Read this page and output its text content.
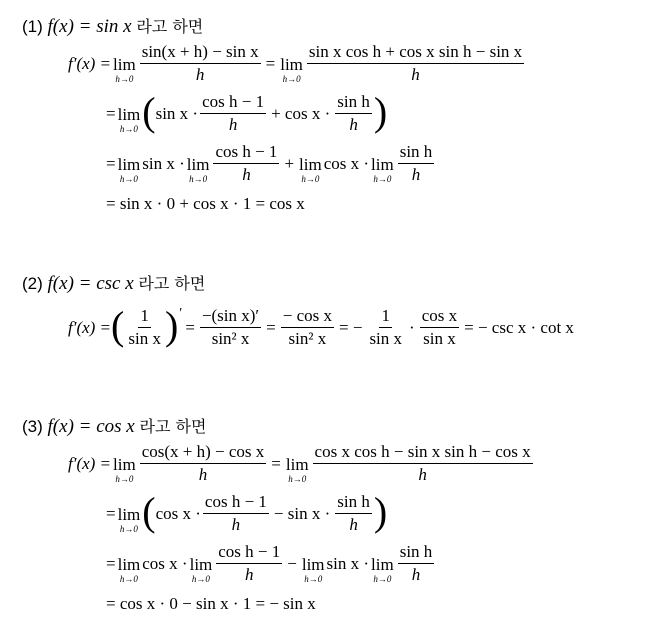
(1) f(x) = sin x 라고 하면
f′(x) = lim
$h\to 0 \frac{\text{sin(x + h) − sin x}}{h} = \lim$
$h\to 0 \frac{\text{sin x cos h + cos x sin h − sin x}}{h}$
= lim
h→0 ( $\sin x \cdot \frac{\text{cos h − 1}}{h} + \cos x \cdot \frac{\text{sin h}}{h}$ )
= lim
h→0
sin x · lim
$h\to 0 \frac{\text{cos h − 1}}{h} + \lim$
h→0
cos x · lim
$h\to 0 \frac{\text{sin h}}{h}$
= sin x · 0 + cos x · 1 = cos x
(2) f(x) = csc x 라고 하면
f′(x) = ( $\frac{1}{\text{sin x}}$ ) ′
= $\frac{\text{−(sin x)′}}{\text{sin² x}} = \frac{\text{− cos x}}{\text{sin² x}}$ = − $\frac{1}{\text{sin x}} \cdot \frac{\text{cos x}}{\text{sin x}}$ = − csc x · cot x
(3) f(x) = cos x 라고 하면
f′(x) = lim
$h\to 0 \frac{\text{cos(x + h) − cos x}}{h} = \lim$
$h\to 0 \frac{\text{cos x cos h − sin x sin h − cos x}}{h}$
= lim
h→0 ( $\cos x \cdot \frac{\text{cos h − 1}}{h} - \sin x \cdot \frac{\text{sin h}}{h}$ )
= lim
h→0
cos x · lim
$h\to 0 \frac{\text{cos h − 1}}{h} - \lim$
h→0
sin x · lim
$h\to 0 \frac{\text{sin h}}{h}$
= cos x · 0 − sin x · 1 = − sin x
